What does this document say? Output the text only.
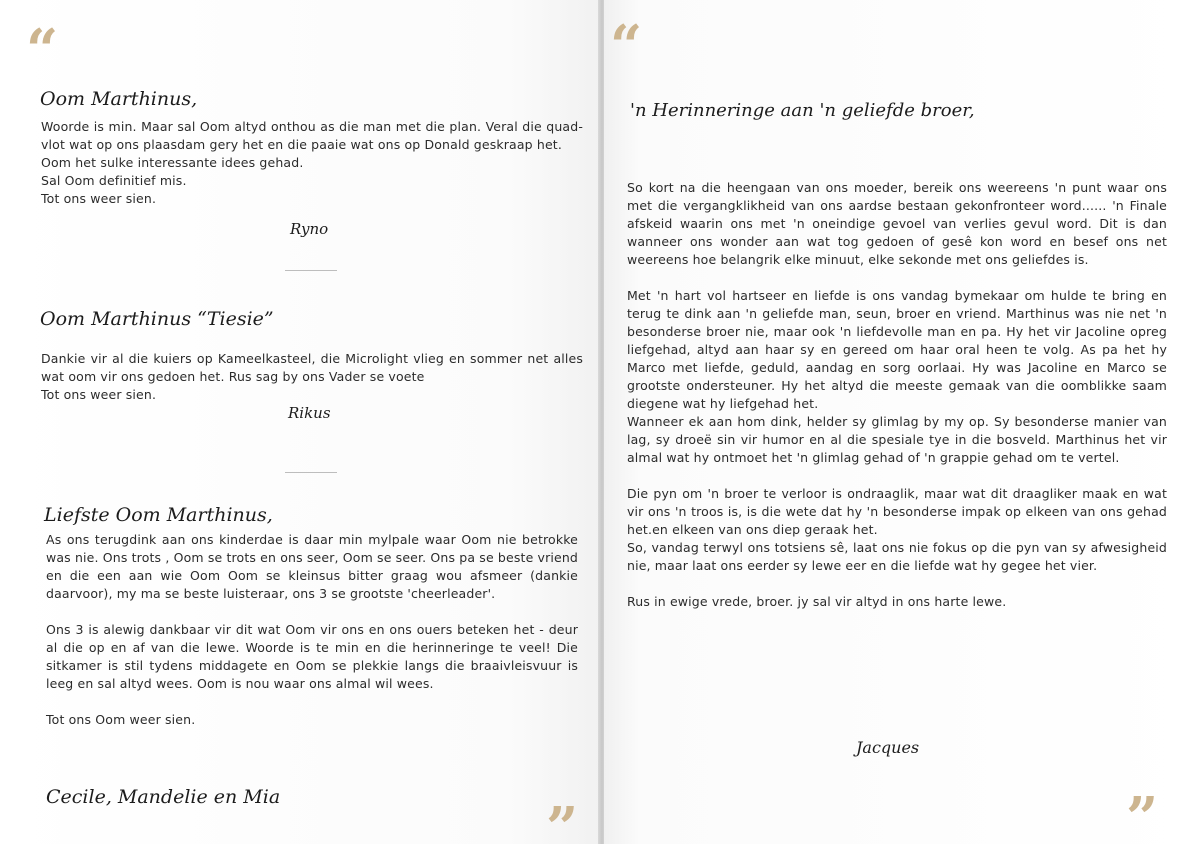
“
Oom Marthinus,

Woorde is min. Maar sal Oom altyd onthou as die man met die plan. Veral die quad-vlot wat op ons plaasdam gery het en die paaie wat ons op Donald geskraap het.

Oom het sulke interessante idees gehad.

Sal Oom definitief mis.

Tot ons weer sien.

Ryno
Oom Marthinus “Tiesie”

Dankie vir al die kuiers op Kameelkasteel, die Microlight vlieg en sommer net alles wat oom vir ons gedoen het. Rus sag by ons Vader se voete

Tot ons weer sien.

Rikus
Liefste Oom Marthinus,

As ons terugdink aan ons kinderdae is daar min mylpale waar Oom nie betrokke was nie. Ons trots , Oom se trots en ons seer, Oom se seer. Ons pa se beste vriend en die een aan wie Oom Oom se kleinsus bitter graag wou afsmeer (dankie daarvoor), my ma se beste luisteraar, ons 3 se grootste 'cheerleader'.

Ons 3 is alewig dankbaar vir dit wat Oom vir ons en ons ouers beteken het - deur al die op en af van die lewe. Woorde is te min en die herinneringe te veel! Die sitkamer is stil tydens middagete en Oom se plekkie langs die braaivleisvuur is leeg en sal altyd wees. Oom is nou waar ons almal wil wees.

Tot ons Oom weer sien.

Cecile, Mandelie en Mia	”
“
'n Herinneringe aan 'n geliefde broer,

So kort na die heengaan van ons moeder, bereik ons weereens 'n punt waar ons met die vergangklikheid van ons aardse bestaan gekonfronteer word...... 'n Finale afskeid waarin ons met 'n oneindige gevoel van verlies gevul word. Dit is dan wanneer ons wonder aan wat tog gedoen of gesê kon word en besef ons net weereens hoe belangrik elke minuut, elke sekonde met ons geliefdes is.

Met 'n hart vol hartseer en liefde is ons vandag bymekaar om hulde te bring en terug te dink aan 'n geliefde man, seun, broer en vriend. Marthinus was nie net 'n besonderse broer nie, maar ook 'n liefdevolle man en pa. Hy het vir Jacoline opreg liefgehad, altyd aan haar sy en gereed om haar oral heen te volg. As pa het hy Marco met liefde, geduld, aandag en sorg oorlaai. Hy was Jacoline en Marco se grootste ondersteuner. Hy het altyd die meeste gemaak van die oomblikke saam diegene wat hy liefgehad het.

Wanneer ek aan hom dink, helder sy glimlag by my op. Sy besonderse manier van lag, sy droeë sin vir humor en al die spesiale tye in die bosveld. Marthinus het vir almal wat hy ontmoet het 'n glimlag gehad of 'n grappie gehad om te vertel.

Die pyn om 'n broer te verloor is ondraaglik, maar wat dit draagliker maak en wat vir ons 'n troos is, is die wete dat hy 'n besonderse impak op elkeen van ons gehad het.en elkeen van ons diep geraak het.

So, vandag terwyl ons totsiens sê, laat ons nie fokus op die pyn van sy afwesigheid nie, maar laat ons eerder sy lewe eer en die liefde wat hy gegee het vier.

Rus in ewige vrede, broer. jy sal vir altyd in ons harte lewe.

Jacques
”
